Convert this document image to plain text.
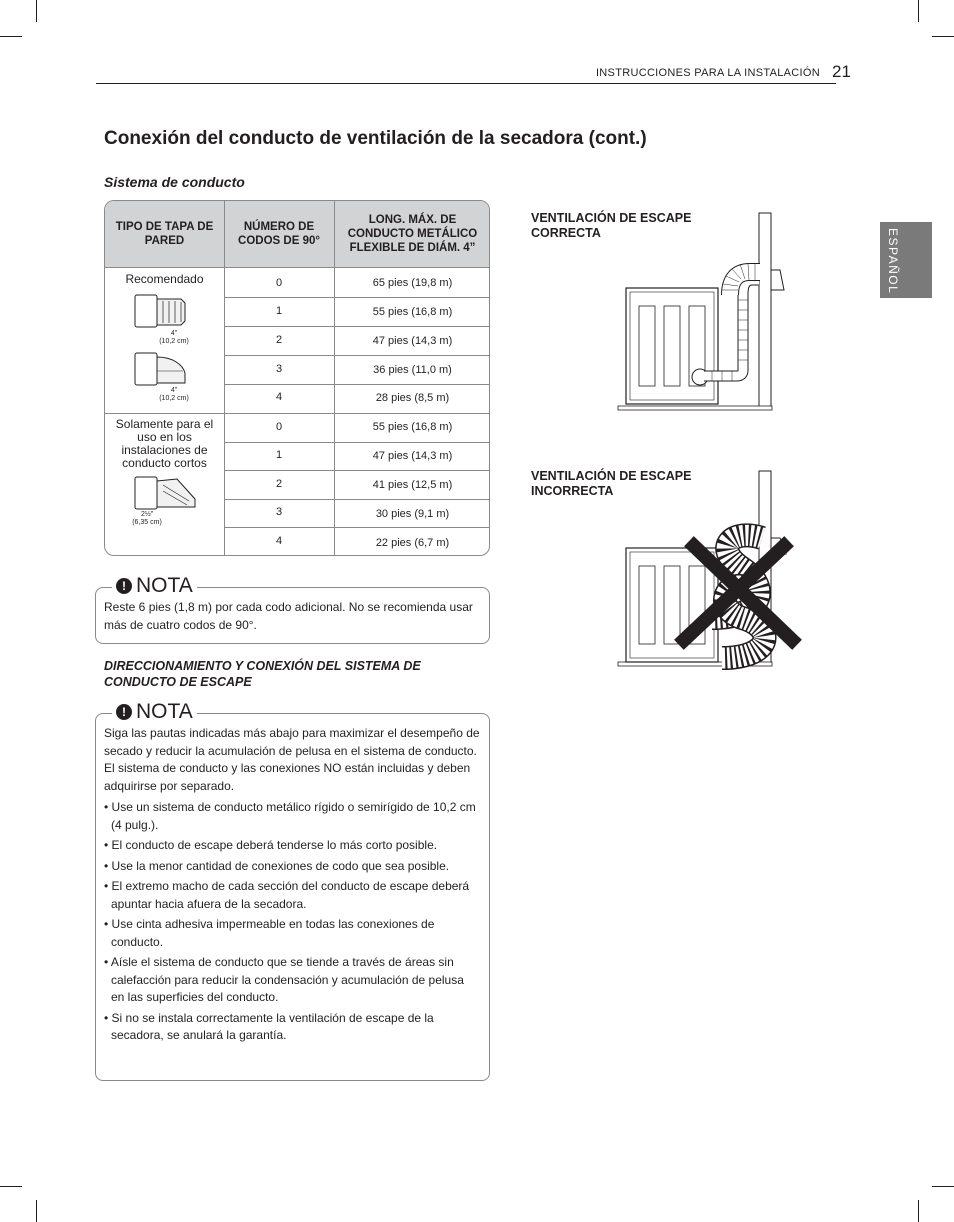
INSTRUCCIONES PARA LA INSTALACIÓN 21
ESPAÑOL
Conexión del conducto de ventilación de la secadora (cont.)
Sistema de conducto
TIPO DE TAPA DE PARED
NÚMERO DE CODOS DE 90°
LONG. MÁX. DE CONDUCTO METÁLICO FLEXIBLE DE DIÁM. 4”
Recomendado
4”
(10,2 cm)
4”
(10,2 cm)
0	65 pies (19,8 m)
1	55 pies (16,8 m)
2	47 pies (14,3 m)
3	36 pies (11,0 m)
4	28 pies (8,5 m)
Solamente para el uso en los instalaciones de conducto cortos
2½”
(6,35 cm)
0	55 pies (16,8 m)
1	47 pies (14,3 m)
2	41 pies (12,5 m)
3	30 pies (9,1 m)
4	22 pies (6,7 m)
! NOTA
Reste 6 pies (1,8 m) por cada codo adicional. No se recomienda usar más de cuatro codos de 90°.
DIRECCIONAMIENTO Y CONEXIÓN DEL SISTEMA DE CONDUCTO DE ESCAPE
! NOTA

Siga las pautas indicadas más abajo para maximizar el desempeño de secado y reducir la acumulación de pelusa en el sistema de conducto.

El sistema de conducto y las conexiones NO están incluidas y deben adquirirse por separado.

• Use un sistema de conducto metálico rígido o semirígido de 10,2 cm (4 pulg.).

• El conducto de escape deberá tenderse lo más corto posible.

• Use la menor cantidad de conexiones de codo que sea posible.

• El extremo macho de cada sección del conducto de escape deberá apuntar hacia afuera de la secadora.

• Use cinta adhesiva impermeable en todas las conexiones de conducto.

• Aísle el sistema de conducto que se tiende a través de áreas sin calefacción para reducir la condensación y acumulación de pelusa en las superficies del conducto.

• Si no se instala correctamente la ventilación de escape de la secadora, se anulará la garantía.

VENTILACIÓN DE ESCAPE CORRECTA
VENTILACIÓN DE ESCAPE INCORRECTA
